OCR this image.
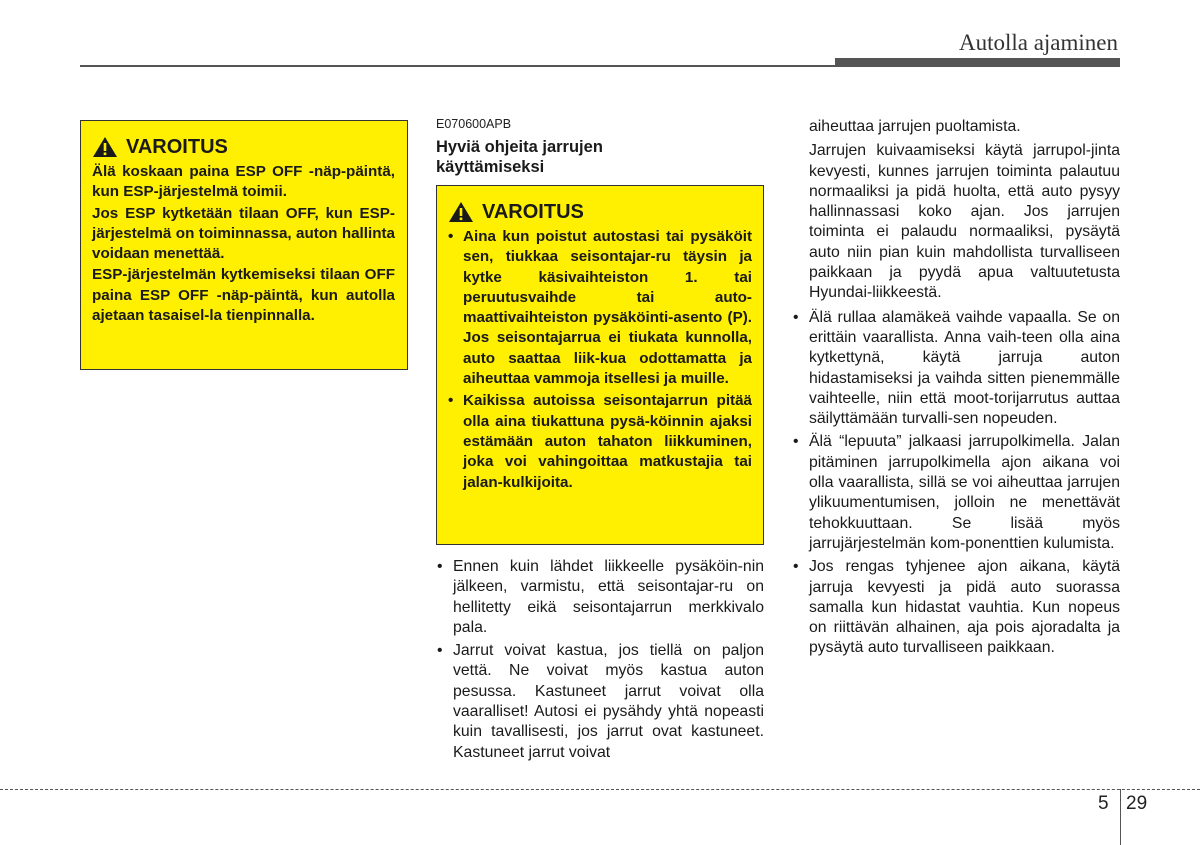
Autolla ajaminen
VAROITUS

Älä koskaan paina ESP OFF -näp-päintä, kun ESP-järjestelmä toimii.

Jos ESP kytketään tilaan OFF, kun ESP-järjestelmä on toiminnassa, auton hallinta voidaan menettää.

ESP-järjestelmän kytkemiseksi tilaan OFF paina ESP OFF -näp-päintä, kun autolla ajetaan tasaisel-la tienpinnalla.

E070600APB
Hyviä ohjeita jarrujen käyttämiseksi
VAROITUS
• Aina kun poistut autostasi tai pysäköit sen, tiukkaa seisontajar-ru täysin ja kytke käsivaihteiston 1. tai peruutusvaihde tai auto-maattivaihteiston pysäköinti-asento (P). Jos seisontajarrua ei tiukata kunnolla, auto saattaa liik-kua odottamatta ja aiheuttaa vammoja itsellesi ja muille.
• Kaikissa autoissa seisontajarrun pitää olla aina tiukattuna pysä-köinnin ajaksi estämään auton tahaton liikkuminen, joka voi vahingoittaa matkustajia tai jalan-kulkijoita.
• Ennen kuin lähdet liikkeelle pysäköin-nin jälkeen, varmistu, että seisontajar-ru on hellitetty eikä seisontajarrun merkkivalo pala.
• Jarrut voivat kastua, jos tiellä on paljon vettä. Ne voivat myös kastua auton pesussa. Kastuneet jarrut voivat olla vaaralliset! Autosi ei pysähdy yhtä nopeasti kuin tavallisesti, jos jarrut ovat kastuneet. Kastuneet jarrut voivat

aiheuttaa jarrujen puoltamista.

Jarrujen kuivaamiseksi käytä jarrupol-jinta kevyesti, kunnes jarrujen toiminta palautuu normaaliksi ja pidä huolta, että auto pysyy hallinnassasi koko ajan. Jos jarrujen toiminta ei palaudu normaaliksi, pysäytä auto niin pian kuin mahdollista turvalliseen paikkaan ja pyydä apua valtuutetusta Hyundai-liikkeestä.

• Älä rullaa alamäkeä vaihde vapaalla. Se on erittäin vaarallista. Anna vaih-teen olla aina kytkettynä, käytä jarruja auton hidastamiseksi ja vaihda sitten pienemmälle vaihteelle, niin että moot-torijarrutus auttaa säilyttämään turvalli-sen nopeuden.
• Älä “lepuuta” jalkaasi jarrupolkimella. Jalan pitäminen jarrupolkimella ajon aikana voi olla vaarallista, sillä se voi aiheuttaa jarrujen ylikuumentumisen, jolloin ne menettävät tehokkuuttaan. Se lisää myös jarrujärjestelmän kom-ponenttien kulumista.
• Jos rengas tyhjenee ajon aikana, käytä jarruja kevyesti ja pidä auto suorassa samalla kun hidastat vauhtia. Kun nopeus on riittävän alhainen, aja pois ajoradalta ja pysäytä auto turvalliseen paikkaan.
5 29
